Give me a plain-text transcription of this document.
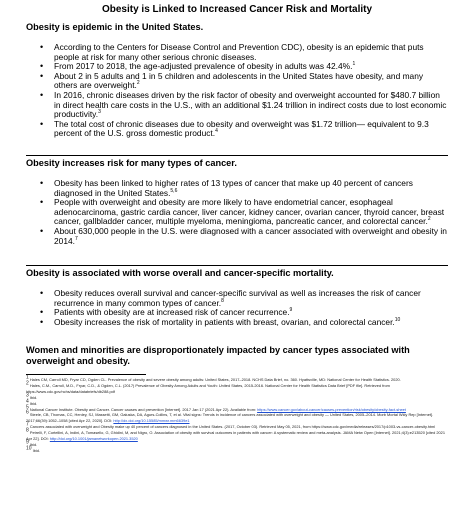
Obesity is Linked to Increased Cancer Risk and Mortality

Obesity is epidemic in the United States.

• According to the Centers for Disease Control and Prevention CDC), obesity is an epidemic that puts people at risk for many other serious chronic diseases.
• From 2017 to 2018, the age-adjusted prevalence of obesity in adults was 42.4%.$^1$
• About 2 in 5 adults and 1 in 5 children and adolescents in the United States have obesity, and many others are overweight.$^2$
• In 2016, chronic diseases driven by the risk factor of obesity and overweight accounted for $480.7 billion in direct health care costs in the U.S., with an additional $1.24 trillion in indirect costs due to lost economic productivity.$^3$
• The total cost of chronic diseases due to obesity and overweight was $1.72 trillion— equivalent to 9.3 percent of the U.S. gross domestic product.$^4$

Obesity increases risk for many types of cancer.

• Obesity has been linked to higher rates of 13 types of cancer that make up 40 percent of cancers diagnosed in the United States.$^{5,6}$
• People with overweight and obesity are more likely to have endometrial cancer, esophageal adenocarcinoma, gastric cardia cancer, liver cancer, kidney cancer, ovarian cancer, thyroid cancer, breast cancer, gallbladder cancer, multiple myeloma, meningioma, pancreatic cancer, and colorectal cancer.$^2$
• About 630,000 people in the U.S. were diagnosed with a cancer associated with overweight and obesity in 2014.$^7$

Obesity is associated with worse overall and cancer-specific mortality.

• Obesity reduces overall survival and cancer-specific survival as well as increases the risk of cancer recurrence in many common types of cancer.$^8$
• Patients with obesity are at increased risk of cancer recurrence.$^9$
• Obesity increases the risk of mortality in patients with breast, ovarian, and colorectal cancer.$^{10}$

Women and minorities are disproportionately impacted by cancer types associated with overweight and obesity.

$^1$ Hales CM, Carroll MD, Fryar CD, Ogden CL. Prevalence of obesity and severe obesity among adults: United States, 2017–2018. NCHS Data Brief, no. 360. Hyattsville, MD: National Center for Health Statistics. 2020.
$^2$ Hales, C.M., Carroll, M.D., Fryar, C.D., & Ogden, C.L. (2017) Prevalence of Obesity Among Adults and Youth: United States, 2015-2016. National Center for Health Statistics Data Brief [PDF file]. Retrieved from https://www.cdc.gov/nchs/data/databriefs/db288.pdf
$^3$ Ibid.
$^4$ Ibid.
$^5$ National Cancer Institute. Obesity and Cancer. Cancer causes and prevention [Internet]. 2017 Jan 17 (2021 Apr 22). Available from: https://www.cancer.gov/about-cancer/causes-prevention/risk/obesity/obesity-fact-sheet
$^6$ Steele, CB, Thomas, CC, Henley, SJ, Massetti, GM, Galuska, DA, Agurs-Collins, T, et al. Vital signs: Trends in incidence of cancers associated with overweight and obesity — United States, 2005–2014. Morb Mortal Wkly Rep [Internet]. 2017;66(39):1052–1058 [cited Apr 22, 2020]. DOI: http://dx.doi.org/10.15585/mmwr.mm6639e1
$^7$ Cancers associated with overweight and Obesity make up 40 percent of cancers diagnosed in the United States. (2017, October 03). Retrieved May 05, 2021, from https://www.cdc.gov/media/releases/2017/p1003-vs-cancer-obesity.html
$^8$ Petrelli, F, Cortellini, A, Indini, A, Tomasello, G, Ghidini, M, and Nigro, O. Association of obesity with survival outcomes in patients with cancer: A systematic review and meta-analysis. JAMA Netw Open [Internet]. 2021;4(3):e213520 [cited 2021 Apr 22]. DOI: http://doi.org/10.1001/jamanetworkopen.2021.3520
$^9$ Ibid.
$^{10}$ Ibid.
